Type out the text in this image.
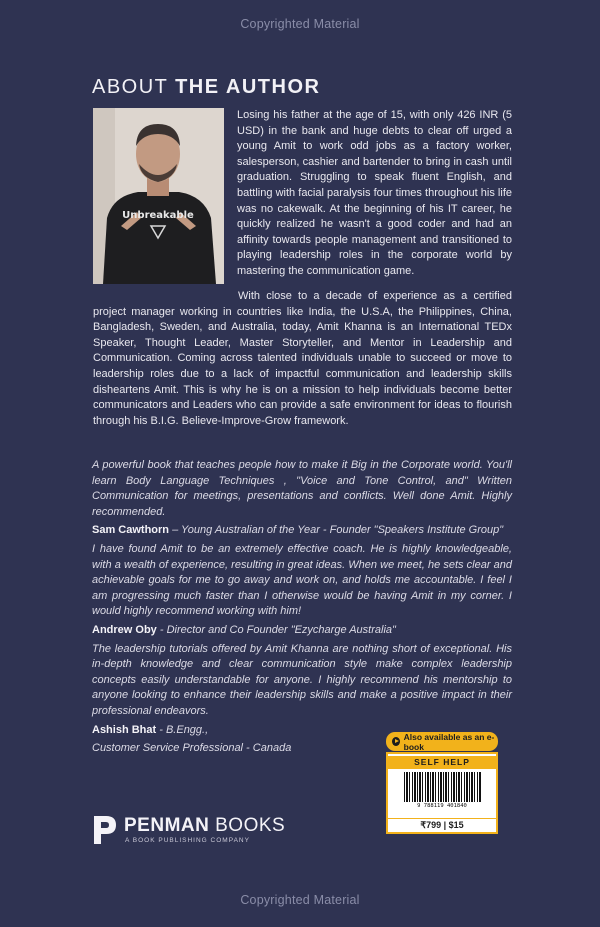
Copyrighted Material
ABOUT THE AUTHOR
Unbreakable

Losing his father at the age of 15, with only 426 INR (5 USD) in the bank and huge debts to clear off urged a young Amit to work odd jobs as a factory worker, salesperson, cashier and bartender to bring in cash until graduation. Struggling to speak fluent English, and battling with facial paralysis four times throughout his life was no cakewalk. At the beginning of his IT career, he quickly realized he wasn't a good coder and had an affinity towards people management and transitioned to playing leadership roles in the corporate world by mastering the communication game.

With close to a decade of experience as a certified project manager working in countries like India, the U.S.A, the Philippines, China, Bangladesh, Sweden, and Australia, today, Amit Khanna is an International TEDx Speaker, Thought Leader, Master Storyteller, and Mentor in Leadership and Communication. Coming across talented individuals unable to succeed or move to leadership roles due to a lack of impactful communication and leadership skills disheartens Amit. This is why he is on a mission to help individuals become better communicators and Leaders who can provide a safe environment for ideas to flourish through his B.I.G. Believe-Improve-Grow framework.

A powerful book that teaches people how to make it Big in the Corporate world. You'll learn Body Language Techniques , "Voice and Tone Control, and" Written Communication for meetings, presentations and conflicts. Well done Amit. Highly recommended.

Sam Cawthorn – Young Australian of the Year - Founder "Speakers Institute Group"

I have found Amit to be an extremely effective coach. He is highly knowledgeable, with a wealth of experience, resulting in great ideas. When we meet, he sets clear and achievable goals for me to go away and work on, and holds me accountable. I feel I am progressing much faster than I otherwise would be having Amit in my corner. I would highly recommend working with him!

Andrew Oby - Director and Co Founder "Ezycharge Australia"

The leadership tutorials offered by Amit Khanna are nothing short of exceptional. His in-depth knowledge and clear communication style make complex leadership concepts easily understandable for anyone. I highly recommend his mentorship to anyone looking to enhance their leadership skills and make a positive impact in their professional endeavors.

Ashish Bhat - B.Engg.,

Customer Service Professional - Canada

PENMAN BOOKS
A BOOK PUBLISHING COMPANY
Also available as an e-book
SELF HELP
9 788119 401840
₹799 | $15
Copyrighted Material
